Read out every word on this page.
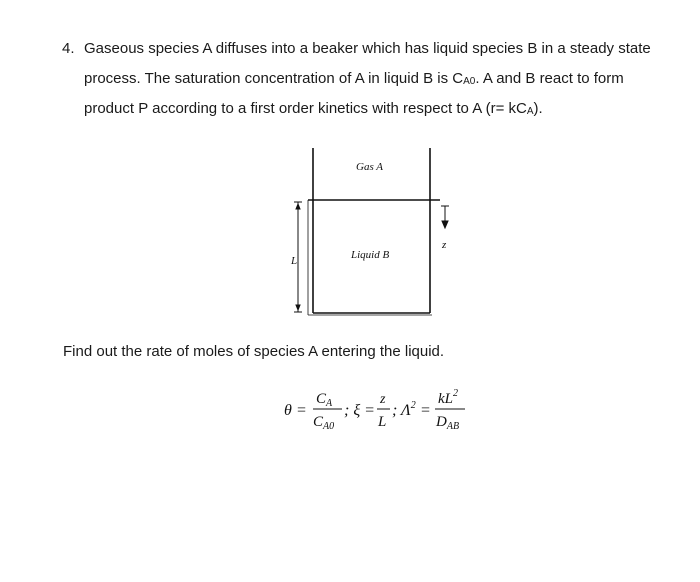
4. Gaseous species A diffuses into a beaker which has liquid species B in a steady state
process. The saturation concentration of A in liquid B is $C_{A0}$. A and B react to form
product P according to a first order kinetics with respect to A $(r= kC_A)$.
Gas A
Liquid B
L
z
θ =
$C_A$
$C_{A0}$
; ξ =
z
L
; $\Lambda^2$ =
$kL^2$
$D_{AB}$
Find out the rate of moles of species A entering the liquid.
